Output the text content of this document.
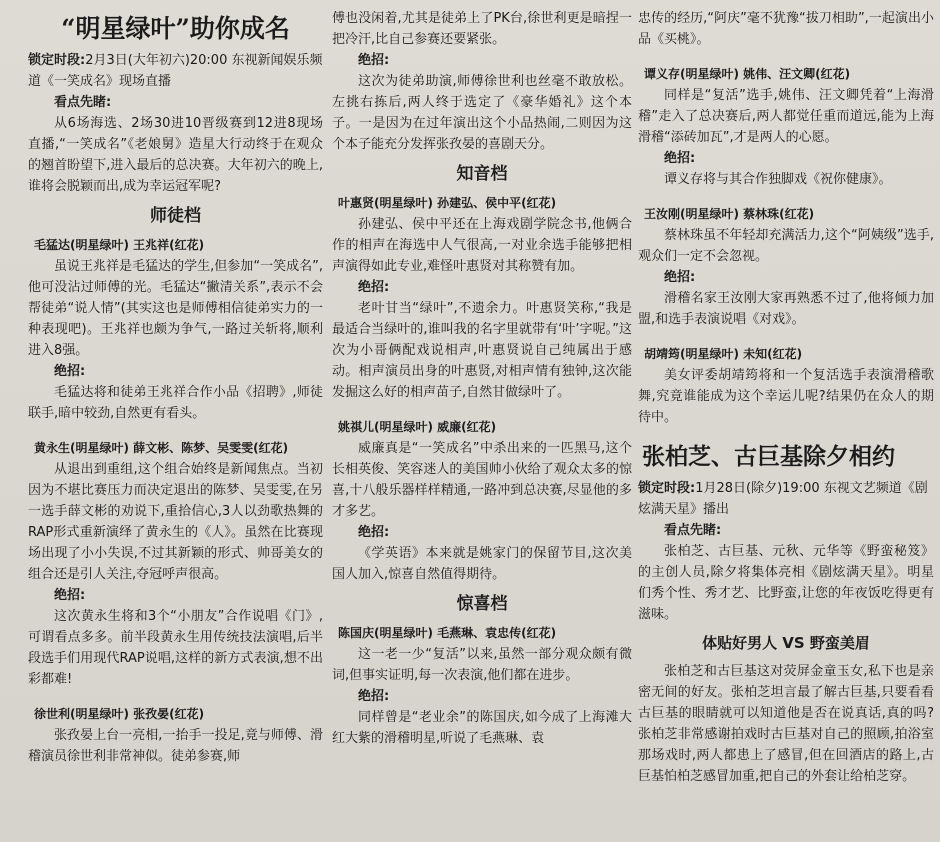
“明星绿叶”助你成名
锁定时段:2月3日(大年初六)20:00 东视新闻娱乐频道《一笑成名》现场直播
看点先睹:

从6场海选、2场30进10晋级赛到12进8现场直播,“一笑成名”《老娘舅》造星大行动终于在观众的翘首盼望下,进入最后的总决赛。大年初六的晚上,谁将会脱颖而出,成为幸运冠军呢?

师徒档
毛猛达(明星绿叶) 王兆祥(红花)

虽说王兆祥是毛猛达的学生,但参加“一笑成名”,他可没沾过师傅的光。毛猛达“撇清关系”,表示不会帮徒弟“说人情”(其实这也是师傅相信徒弟实力的一种表现吧)。王兆祥也颇为争气,一路过关斩将,顺利进入8强。

绝招:

毛猛达将和徒弟王兆祥合作小品《招聘》,师徒联手,暗中较劲,自然更有看头。

黄永生(明星绿叶) 薛文彬、陈梦、吴雯雯(红花)

从退出到重组,这个组合始终是新闻焦点。当初因为不堪比赛压力而决定退出的陈梦、吴雯雯,在另一选手薛文彬的劝说下,重拾信心,3人以劲歌热舞的RAP形式重新演绎了黄永生的《人》。虽然在比赛现场出现了小小失误,不过其新颖的形式、帅哥美女的组合还是引人关注,夺冠呼声很高。

绝招:

这次黄永生将和3个“小朋友”合作说唱《门》,可谓看点多多。前半段黄永生用传统技法演唱,后半段选手们用现代RAP说唱,这样的新方式表演,想不出彩都难!

徐世利(明星绿叶) 张孜晏(红花)

张孜晏上台一亮相,一抬手一投足,竟与师傅、滑稽演员徐世利非常神似。徒弟参赛,师

傅也没闲着,尤其是徒弟上了PK台,徐世利更是暗捏一把冷汗,比自己参赛还要紧张。

绝招:

这次为徒弟助演,师傅徐世利也丝毫不敢放松。左挑右拣后,两人终于选定了《豪华婚礼》这个本子。一是因为在过年演出这个小品热闹,二则因为这个本子能充分发挥张孜晏的喜剧天分。

知音档
叶惠贤(明星绿叶) 孙建弘、侯中平(红花)

孙建弘、侯中平还在上海戏剧学院念书,他俩合作的相声在海选中人气很高,一对业余选手能够把相声演得如此专业,难怪叶惠贤对其称赞有加。

绝招:

老叶甘当“绿叶”,不遗余力。叶惠贤笑称,“我是最适合当绿叶的,谁叫我的名字里就带有‘叶’字呢。”这次为小哥俩配戏说相声,叶惠贤说自己纯属出于感动。相声演员出身的叶惠贤,对相声情有独钟,这次能发掘这么好的相声苗子,自然甘做绿叶了。

姚祺儿(明星绿叶) 威廉(红花)

威廉真是“一笑成名”中杀出来的一匹黑马,这个长相英俊、笑容迷人的美国帅小伙给了观众太多的惊喜,十八般乐器样样精通,一路冲到总决赛,尽显他的多才多艺。

绝招:

《学英语》本来就是姚家门的保留节目,这次美国人加入,惊喜自然值得期待。

惊喜档
陈国庆(明星绿叶) 毛燕琳、袁忠传(红花)

这一老一少“复活”以来,虽然一部分观众颇有微词,但事实证明,每一次表演,他们都在进步。

绝招:

同样曾是“老业余”的陈国庆,如今成了上海滩大红大紫的滑稽明星,听说了毛燕琳、袁

忠传的经历,“阿庆”毫不犹豫“拔刀相助”,一起演出小品《买桃》。

谭义存(明星绿叶) 姚伟、汪文卿(红花)

同样是“复活”选手,姚伟、汪文卿凭着“上海滑稽”走入了总决赛后,两人都觉任重而道远,能为上海滑稽“添砖加瓦”,才是两人的心愿。

绝招:

谭义存将与其合作独脚戏《祝你健康》。

王汝刚(明星绿叶) 蔡林珠(红花)

蔡林珠虽不年轻却充满活力,这个“阿姨级”选手,观众们一定不会忽视。

绝招:

滑稽名家王汝刚大家再熟悉不过了,他将倾力加盟,和选手表演说唱《对戏》。

胡靖筠(明星绿叶) 未知(红花)

美女评委胡靖筠将和一个复活选手表演滑稽歌舞,究竟谁能成为这个幸运儿呢?结果仍在众人的期待中。

张柏芝、古巨基除夕相约
锁定时段:1月28日(除夕)19:00 东视文艺频道《剧炫满天星》播出
看点先睹:

张柏芝、古巨基、元秋、元华等《野蛮秘笈》的主创人员,除夕将集体亮相《剧炫满天星》。明星们秀个性、秀才艺、比野蛮,让您的年夜饭吃得更有滋味。

体贴好男人 VS 野蛮美眉

张柏芝和古巨基这对荧屏金童玉女,私下也是亲密无间的好友。张柏芝坦言最了解古巨基,只要看看古巨基的眼睛就可以知道他是否在说真话,真的吗?张柏芝非常感谢拍戏时古巨基对自己的照顾,拍浴室那场戏时,两人都患上了感冒,但在回酒店的路上,古巨基怕柏芝感冒加重,把自己的外套让给柏芝穿。
